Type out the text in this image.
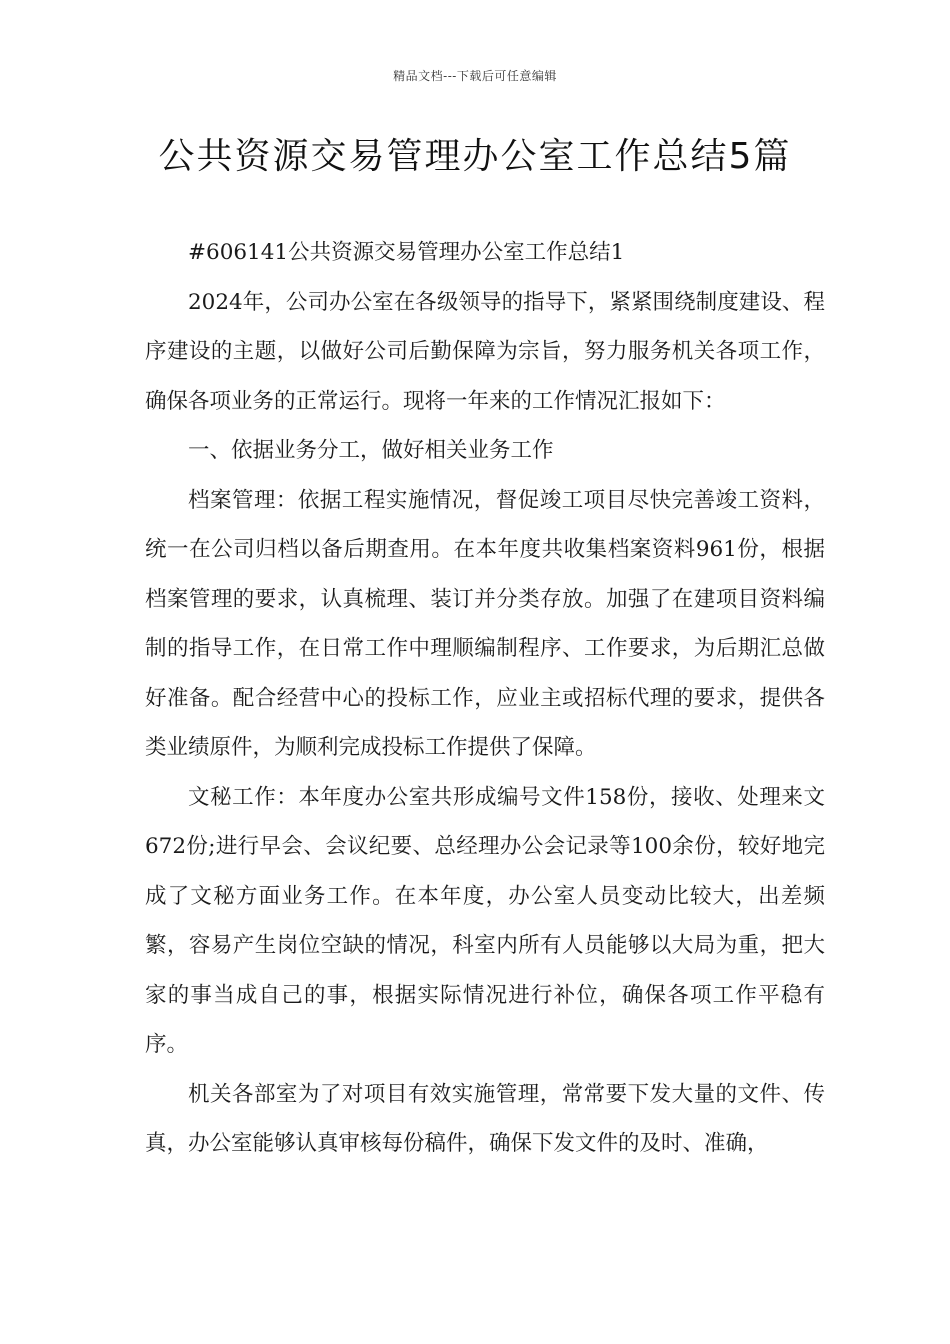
精品文档---下载后可任意编辑
公共资源交易管理办公室工作总结5篇

#606141公共资源交易管理办公室工作总结1

2024年，公司办公室在各级领导的指导下，紧紧围绕制度建设、程序建设的主题，以做好公司后勤保障为宗旨，努力服务机关各项工作，确保各项业务的正常运行。现将一年来的工作情况汇报如下：

一、依据业务分工，做好相关业务工作

档案管理：依据工程实施情况，督促竣工项目尽快完善竣工资料，统一在公司归档以备后期查用。在本年度共收集档案资料961份，根据档案管理的要求，认真梳理、装订并分类存放。加强了在建项目资料编制的指导工作，在日常工作中理顺编制程序、工作要求，为后期汇总做好准备。配合经营中心的投标工作，应业主或招标代理的要求，提供各类业绩原件，为顺利完成投标工作提供了保障。

文秘工作：本年度办公室共形成编号文件158份，接收、处理来文672份;进行早会、会议纪要、总经理办公会记录等100余份，较好地完成了文秘方面业务工作。在本年度，办公室人员变动比较大，出差频繁，容易产生岗位空缺的情况，科室内所有人员能够以大局为重，把大家的事当成自己的事，根据实际情况进行补位，确保各项工作平稳有序。

机关各部室为了对项目有效实施管理，常常要下发大量的文件、传真，办公室能够认真审核每份稿件，确保下发文件的及时、准确，
